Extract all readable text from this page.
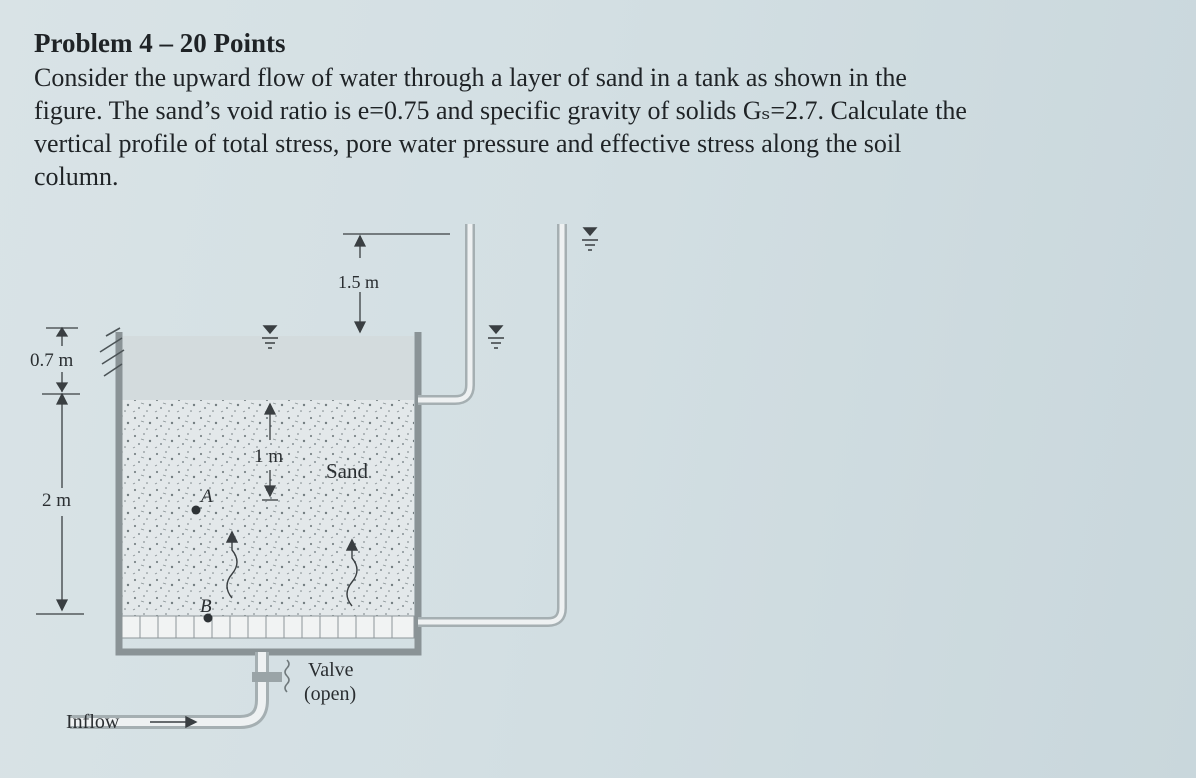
Problem 4 – 20 Points

Consider the upward flow of water through a layer of sand in a tank as shown in the

figure. The sand’s void ratio is e=0.75 and specific gravity of solids Gₛ=2.7. Calculate the

vertical profile of total stress, pore water pressure and effective stress along the soil

column.

1.5 m
0.7 m
2 m
1 m
Sand
A
B
Valve
(open)
Inflow
